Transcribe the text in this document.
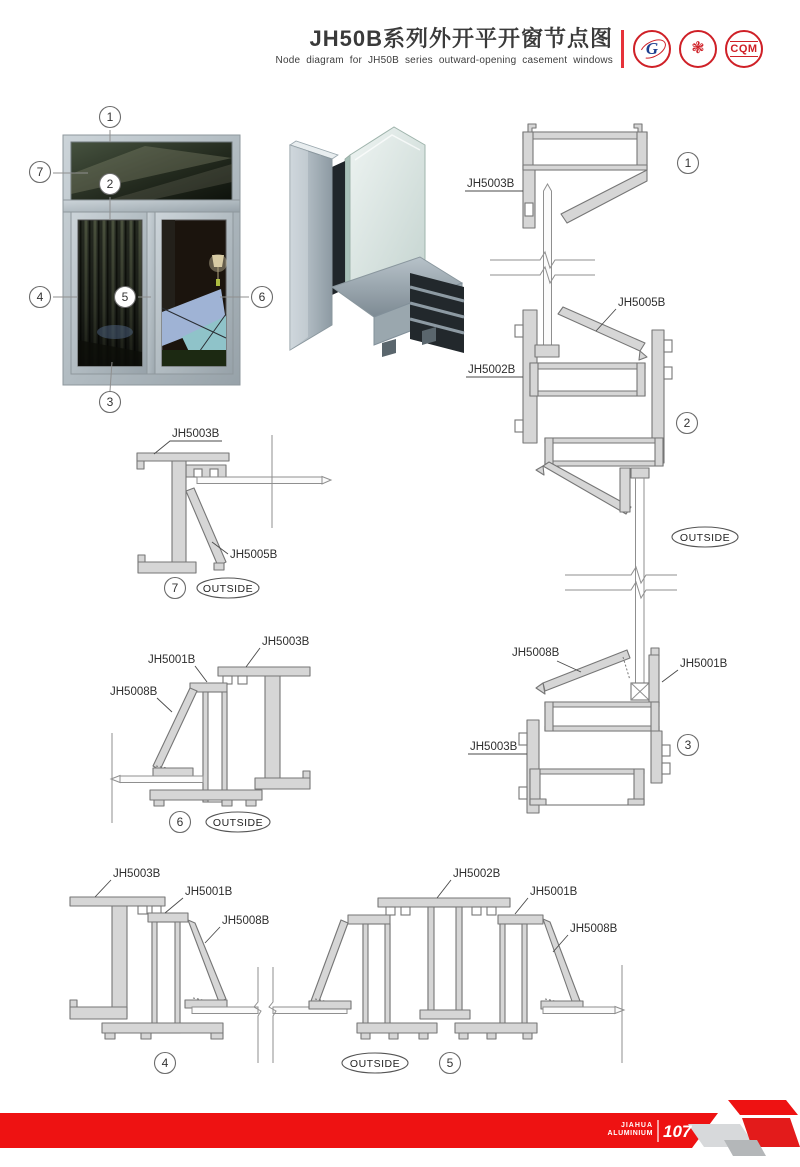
JH50B系列外开平开窗节点图
Node diagram for JH50B series outward-opening casement windows
G ❃ CQM
1
7
2
4	5	6
3
JH5003B
1
JH5005B
JH5002B
2
OUTSIDE
JH5008B
JH5001B
JH5003B	3
JH5003B
JH5005B
7 OUTSIDE
JH5003B
JH5001B
JH5008B
6	OUTSIDE
JH5003B
JH5001B
JH5008B
4
JH5002B
JH5001B
JH5008B
OUTSIDE	5
JIAHUA
ALUMINIUM 107
